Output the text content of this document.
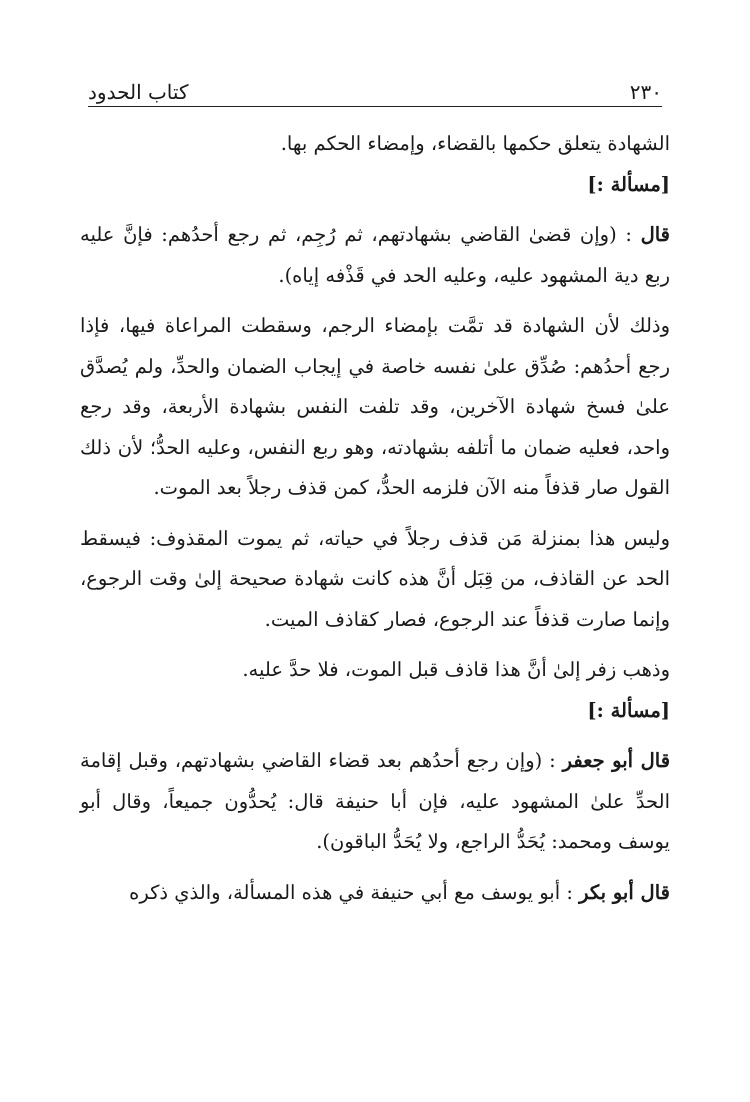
٢٣٠
كتاب الحدود

الشهادة يتعلق حكمها بالقضاء، وإمضاء الحكم بها.

[مسألة :]

قال : (وإن قضىٰ القاضي بشهادتهم، ثم رُجِم، ثم رجع أحدُهم: فإنَّ عليه ربع دية المشهود عليه، وعليه الحد في قَذْفه إياه).

وذلك لأن الشهادة قد تمَّت بإمضاء الرجم، وسقطت المراعاة فيها، فإذا رجع أحدُهم: صُدِّق علىٰ نفسه خاصة في إيجاب الضمان والحدِّ، ولم يُصدَّق علىٰ فسخ شهادة الآخرين، وقد تلفت النفس بشهادة الأربعة، وقد رجع واحد، فعليه ضمان ما أتلفه بشهادته، وهو ربع النفس، وعليه الحدُّ؛ لأن ذلك القول صار قذفاً منه الآن فلزمه الحدُّ، كمن قذف رجلاً بعد الموت.

وليس هذا بمنزلة مَن قذف رجلاً في حياته، ثم يموت المقذوف: فيسقط الحد عن القاذف، من قِبَل أنَّ هذه كانت شهادة صحيحة إلىٰ وقت الرجوع، وإنما صارت قذفاً عند الرجوع، فصار كقاذف الميت.

وذهب زفر إلىٰ أنَّ هذا قاذف قبل الموت، فلا حدَّ عليه.

[مسألة :]

قال أبو جعفر : (وإن رجع أحدُهم بعد قضاء القاضي بشهادتهم، وقبل إقامة الحدِّ علىٰ المشهود عليه، فإن أبا حنيفة قال: يُحدُّون جميعاً، وقال أبو يوسف ومحمد: يُحَدُّ الراجع، ولا يُحَدُّ الباقون).

قال أبو بكر : أبو يوسف مع أبي حنيفة في هذه المسألة، والذي ذكره
